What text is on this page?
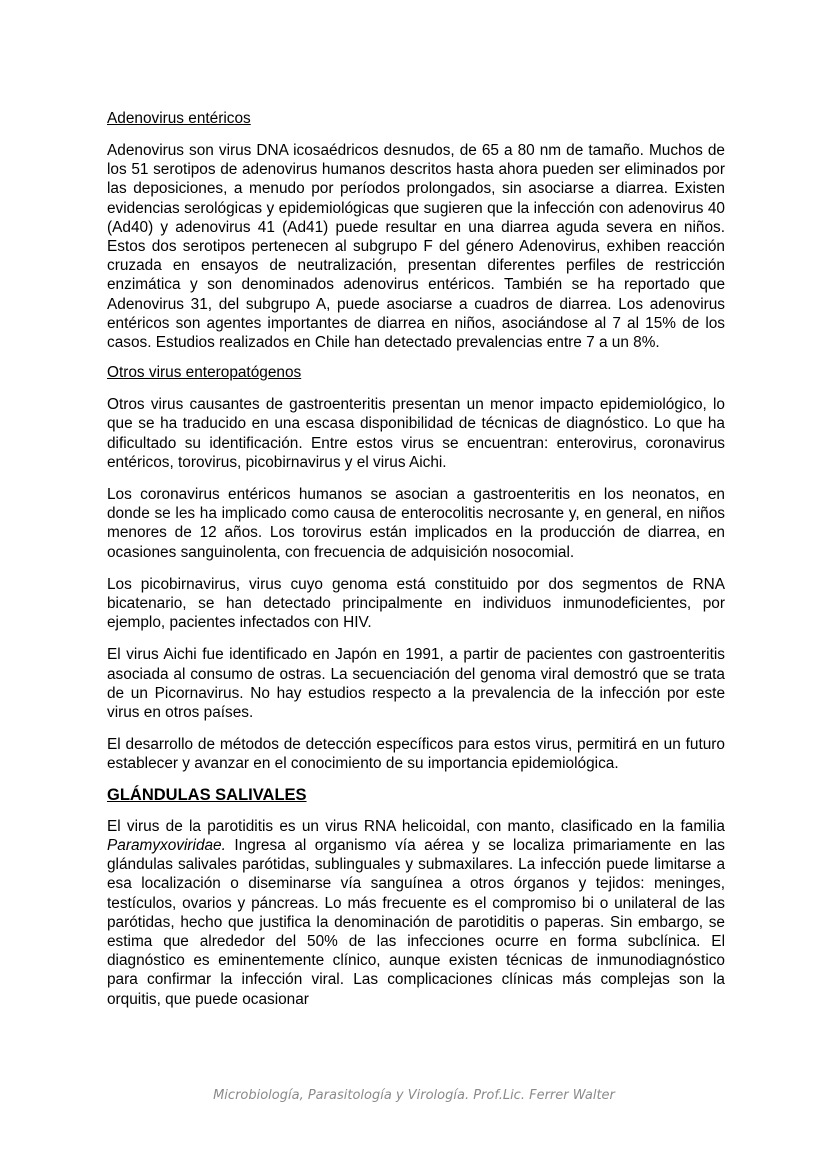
Adenovirus entéricos

Adenovirus son virus DNA icosaédricos desnudos, de 65 a 80 nm de tamaño. Muchos de los 51 serotipos de adenovirus humanos descritos hasta ahora pueden ser eliminados por las deposiciones, a menudo por períodos prolongados, sin asociarse a diarrea. Existen evidencias serológicas y epidemiológicas que sugieren que la infección con adenovirus 40 (Ad40) y adenovirus 41 (Ad41) puede resultar en una diarrea aguda severa en niños. Estos dos serotipos pertenecen al subgrupo F del género Adenovirus, exhiben reacción cruzada en ensayos de neutralización, presentan diferentes perfiles de restricción enzimática y son denominados adenovirus entéricos. También se ha reportado que Adenovirus 31, del subgrupo A, puede asociarse a cuadros de diarrea. Los adenovirus entéricos son agentes importantes de diarrea en niños, asociándose al 7 al 15% de los casos. Estudios realizados en Chile han detectado prevalencias entre 7 a un 8%.

Otros virus enteropatógenos

Otros virus causantes de gastroenteritis presentan un menor impacto epidemiológico, lo que se ha traducido en una escasa disponibilidad de técnicas de diagnóstico. Lo que ha dificultado su identificación. Entre estos virus se encuentran: enterovirus, coronavirus entéricos, torovirus, picobirnavirus y el virus Aichi.

Los coronavirus entéricos humanos se asocian a gastroenteritis en los neonatos, en donde se les ha implicado como causa de enterocolitis necrosante y, en general, en niños menores de 12 años. Los torovirus están implicados en la producción de diarrea, en ocasiones sanguinolenta, con frecuencia de adquisición nosocomial.

Los picobirnavirus, virus cuyo genoma está constituido por dos segmentos de RNA bicatenario, se han detectado principalmente en individuos inmunodeficientes, por ejemplo, pacientes infectados con HIV.

El virus Aichi fue identificado en Japón en 1991, a partir de pacientes con gastroenteritis asociada al consumo de ostras. La secuenciación del genoma viral demostró que se trata de un Picornavirus. No hay estudios respecto a la prevalencia de la infección por este virus en otros países.

El desarrollo de métodos de detección específicos para estos virus, permitirá en un futuro establecer y avanzar en el conocimiento de su importancia epidemiológica.

GLÁNDULAS SALIVALES

El virus de la parotiditis es un virus RNA helicoidal, con manto, clasificado en la familia Paramyxoviridae. Ingresa al organismo vía aérea y se localiza primariamente en las glándulas salivales parótidas, sublinguales y submaxilares. La infección puede limitarse a esa localización o diseminarse vía sanguínea a otros órganos y tejidos: meninges, testículos, ovarios y páncreas. Lo más frecuente es el compromiso bi o unilateral de las parótidas, hecho que justifica la denominación de parotiditis o paperas. Sin embargo, se estima que alrededor del 50% de las infecciones ocurre en forma subclínica. El diagnóstico es eminentemente clínico, aunque existen técnicas de inmunodiagnóstico para confirmar la infección viral. Las complicaciones clínicas más complejas son la orquitis, que puede ocasionar

Microbiología, Parasitología y Virología. Prof.Lic. Ferrer Walter
